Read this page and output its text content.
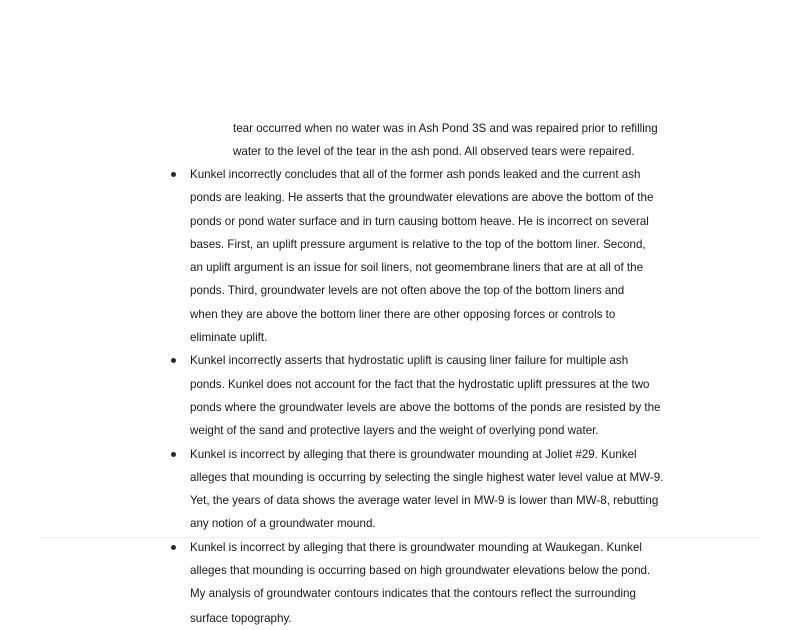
tear occurred when no water was in Ash Pond 3S and was repaired prior to refilling
water to the level of the tear in the ash pond. All observed tears were repaired.
Kunkel incorrectly concludes that all of the former ash ponds leaked and the current ash
ponds are leaking. He asserts that the groundwater elevations are above the bottom of the
ponds or pond water surface and in turn causing bottom heave. He is incorrect on several
bases. First, an uplift pressure argument is relative to the top of the bottom liner. Second,
an uplift argument is an issue for soil liners, not geomembrane liners that are at all of the
ponds. Third, groundwater levels are not often above the top of the bottom liners and
when they are above the bottom liner there are other opposing forces or controls to
eliminate uplift.
Kunkel incorrectly asserts that hydrostatic uplift is causing liner failure for multiple ash
ponds. Kunkel does not account for the fact that the hydrostatic uplift pressures at the two
ponds where the groundwater levels are above the bottoms of the ponds are resisted by the
weight of the sand and protective layers and the weight of overlying pond water.
Kunkel is incorrect by alleging that there is groundwater mounding at Joliet #29. Kunkel
alleges that mounding is occurring by selecting the single highest water level value at MW-9.
Yet, the years of data shows the average water level in MW-9 is lower than MW-8, rebutting
any notion of a groundwater mound.
Kunkel is incorrect by alleging that there is groundwater mounding at Waukegan. Kunkel
alleges that mounding is occurring based on high groundwater elevations below the pond.
My analysis of groundwater contours indicates that the contours reflect the surrounding
surface topography.
